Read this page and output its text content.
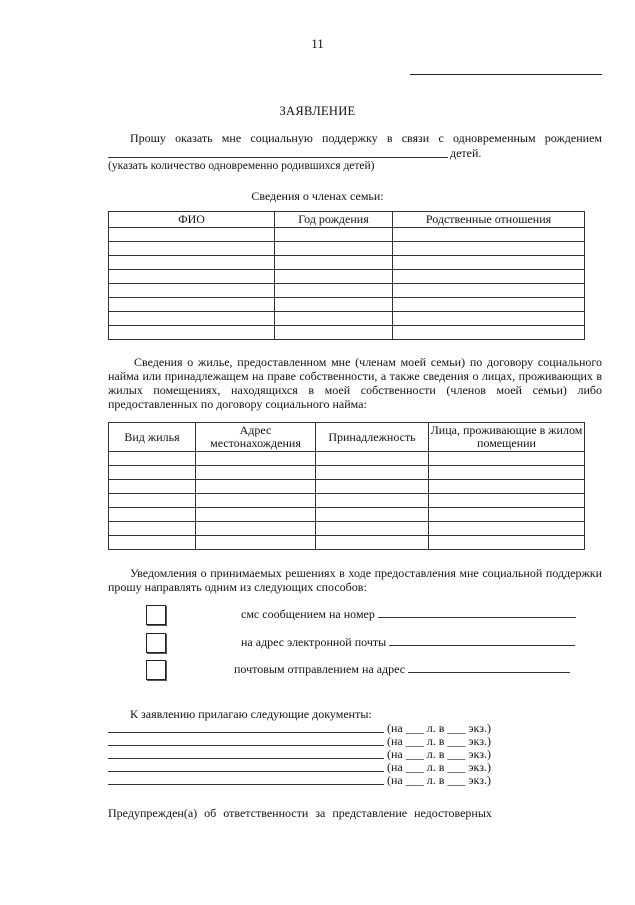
11
ЗАЯВЛЕНИЕ
Прошу оказать мне социальную поддержку в связи с одновременным рождением
детей.
(указать количество одновременно родившихся детей)
Сведения о членах семьи:
ФИО	Год рождения	Родственные отношения

Сведения о жилье, предоставленном мне (членам моей семьи) по договору социального найма или принадлежащем на праве собственности, а также сведения о лицах, проживающих в жилых помещениях, находящихся в моей собственности (членов моей семьи) либо предоставленных по договору социального найма:
Вид жилья	Адрес местонахождения	Принадлежность	Лица, проживающие в жилом помещении

Уведомления о принимаемых решениях в ходе предоставления мне социальной поддержки прошу направлять одним из следующих способов:
смс сообщением на номер
на адрес электронной почты
почтовым отправлением на адрес
К заявлению прилагаю следующие документы:
(на ___ л. в ___ экз.)
(на ___ л. в ___ экз.)
(на ___ л. в ___ экз.)
(на ___ л. в ___ экз.)
(на ___ л. в ___ экз.)
Предупрежден(а) об ответственности за представление недостоверных
